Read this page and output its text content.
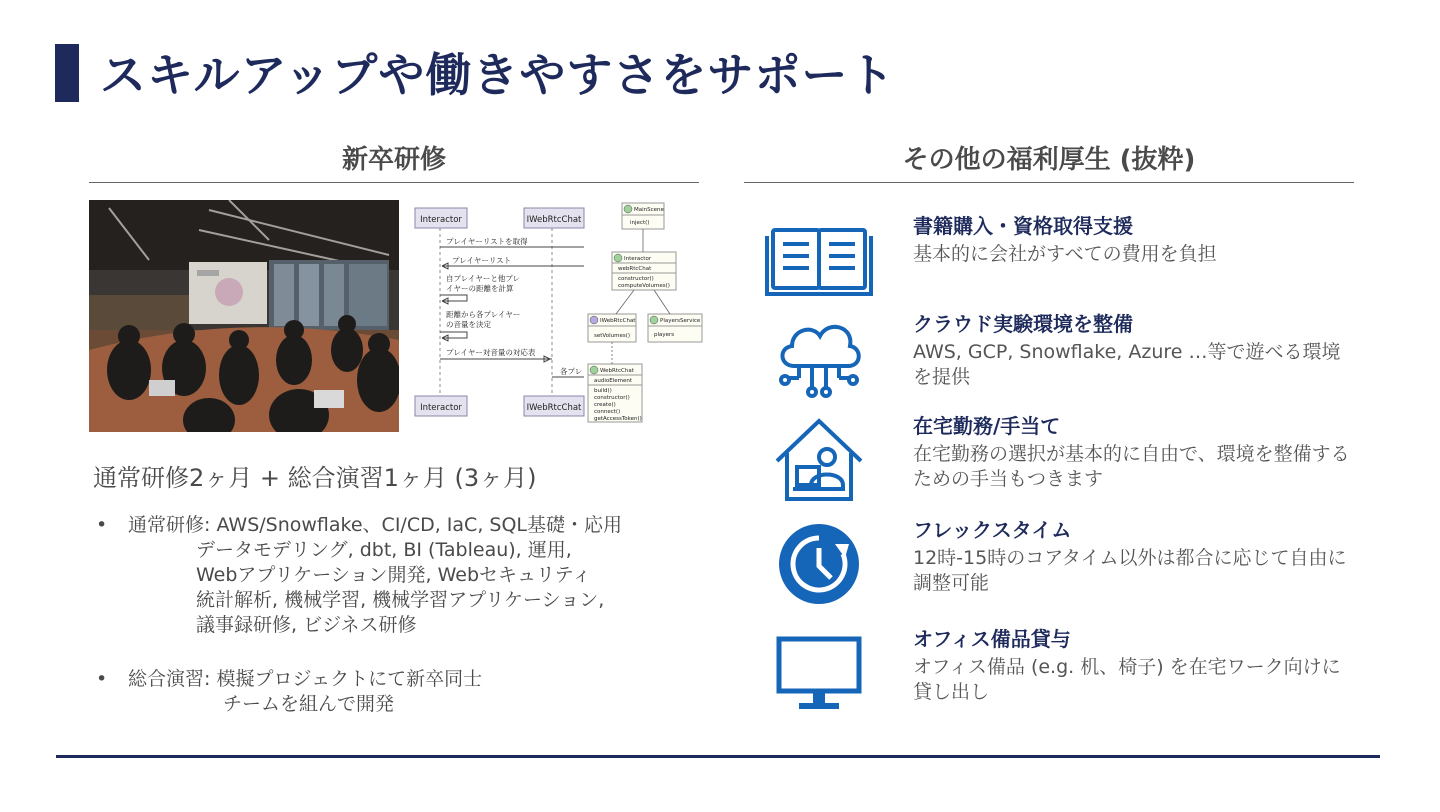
スキルアップや働きやすさをサポート
新卒研修
Interactor	IWebRtcChat
Interactor	IWebRtcChat
プレイヤーリストを取得
プレイヤーリスト
自プレイヤーと他プレ
イヤーの距離を計算
距離から各プレイヤー
の音量を決定
プレイヤー対音量の対応表
各プレ
MainScene
inject()
Interactor
webRtcChat
constructor()
computeVolumes()
IWebRtcChat
setVolumes()
PlayersService
players
WebRtcChat
audioElement
build()
constructor()
create()
connect()
getAccessToken()
通常研修2ヶ月 + 総合演習1ヶ月 (3ヶ月)
• 通常研修: AWS/Snowflake、CI/CD, IaC, SQL基礎・応用
データモデリング, dbt, BI (Tableau), 運用,
Webアプリケーション開発, Webセキュリティ
統計解析, 機械学習, 機械学習アプリケーション,
議事録研修, ビジネス研修
• 総合演習: 模擬プロジェクトにて新卒同士
チームを組んで開発
その他の福利厚生 (抜粋)
書籍購入・資格取得支援
基本的に会社がすべての費用を負担
クラウド実験環境を整備
AWS, GCP, Snowflake, Azure …等で遊べる環境を提供
在宅勤務/手当て
在宅勤務の選択が基本的に自由で、環境を整備するための手当もつきます
フレックスタイム
12時-15時のコアタイム以外は都合に応じて自由に調整可能
オフィス備品貸与
オフィス備品 (e.g. 机、椅子) を在宅ワーク向けに貸し出し
